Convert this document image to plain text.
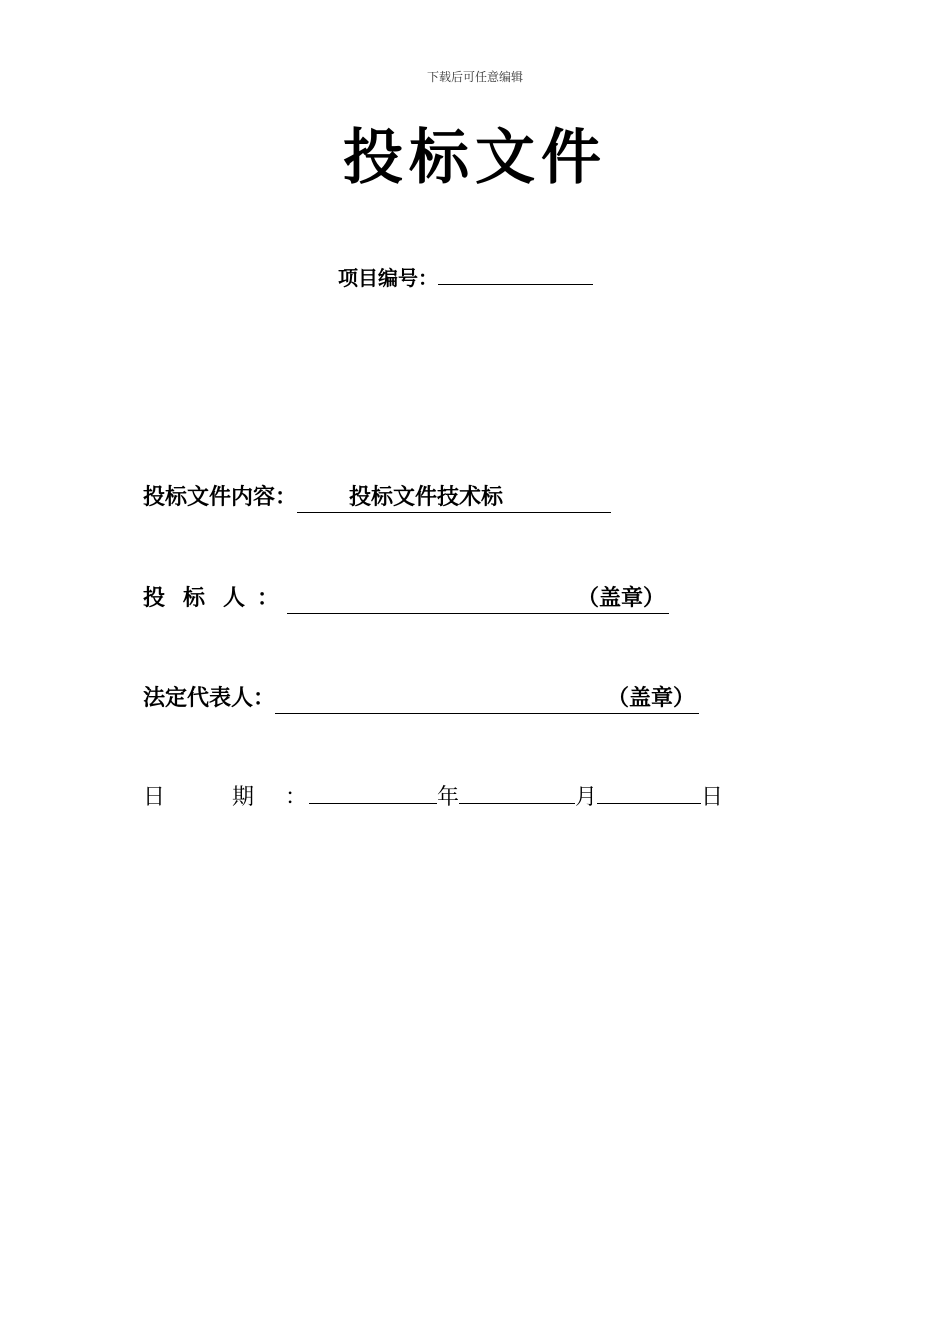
下载后可任意编辑
投标文件
项目编号：
投标文件内容： 投标文件技术标
投 标 人 ：	（盖章）
法定代表人：	（盖章）
日	期 ：	年	月	日
